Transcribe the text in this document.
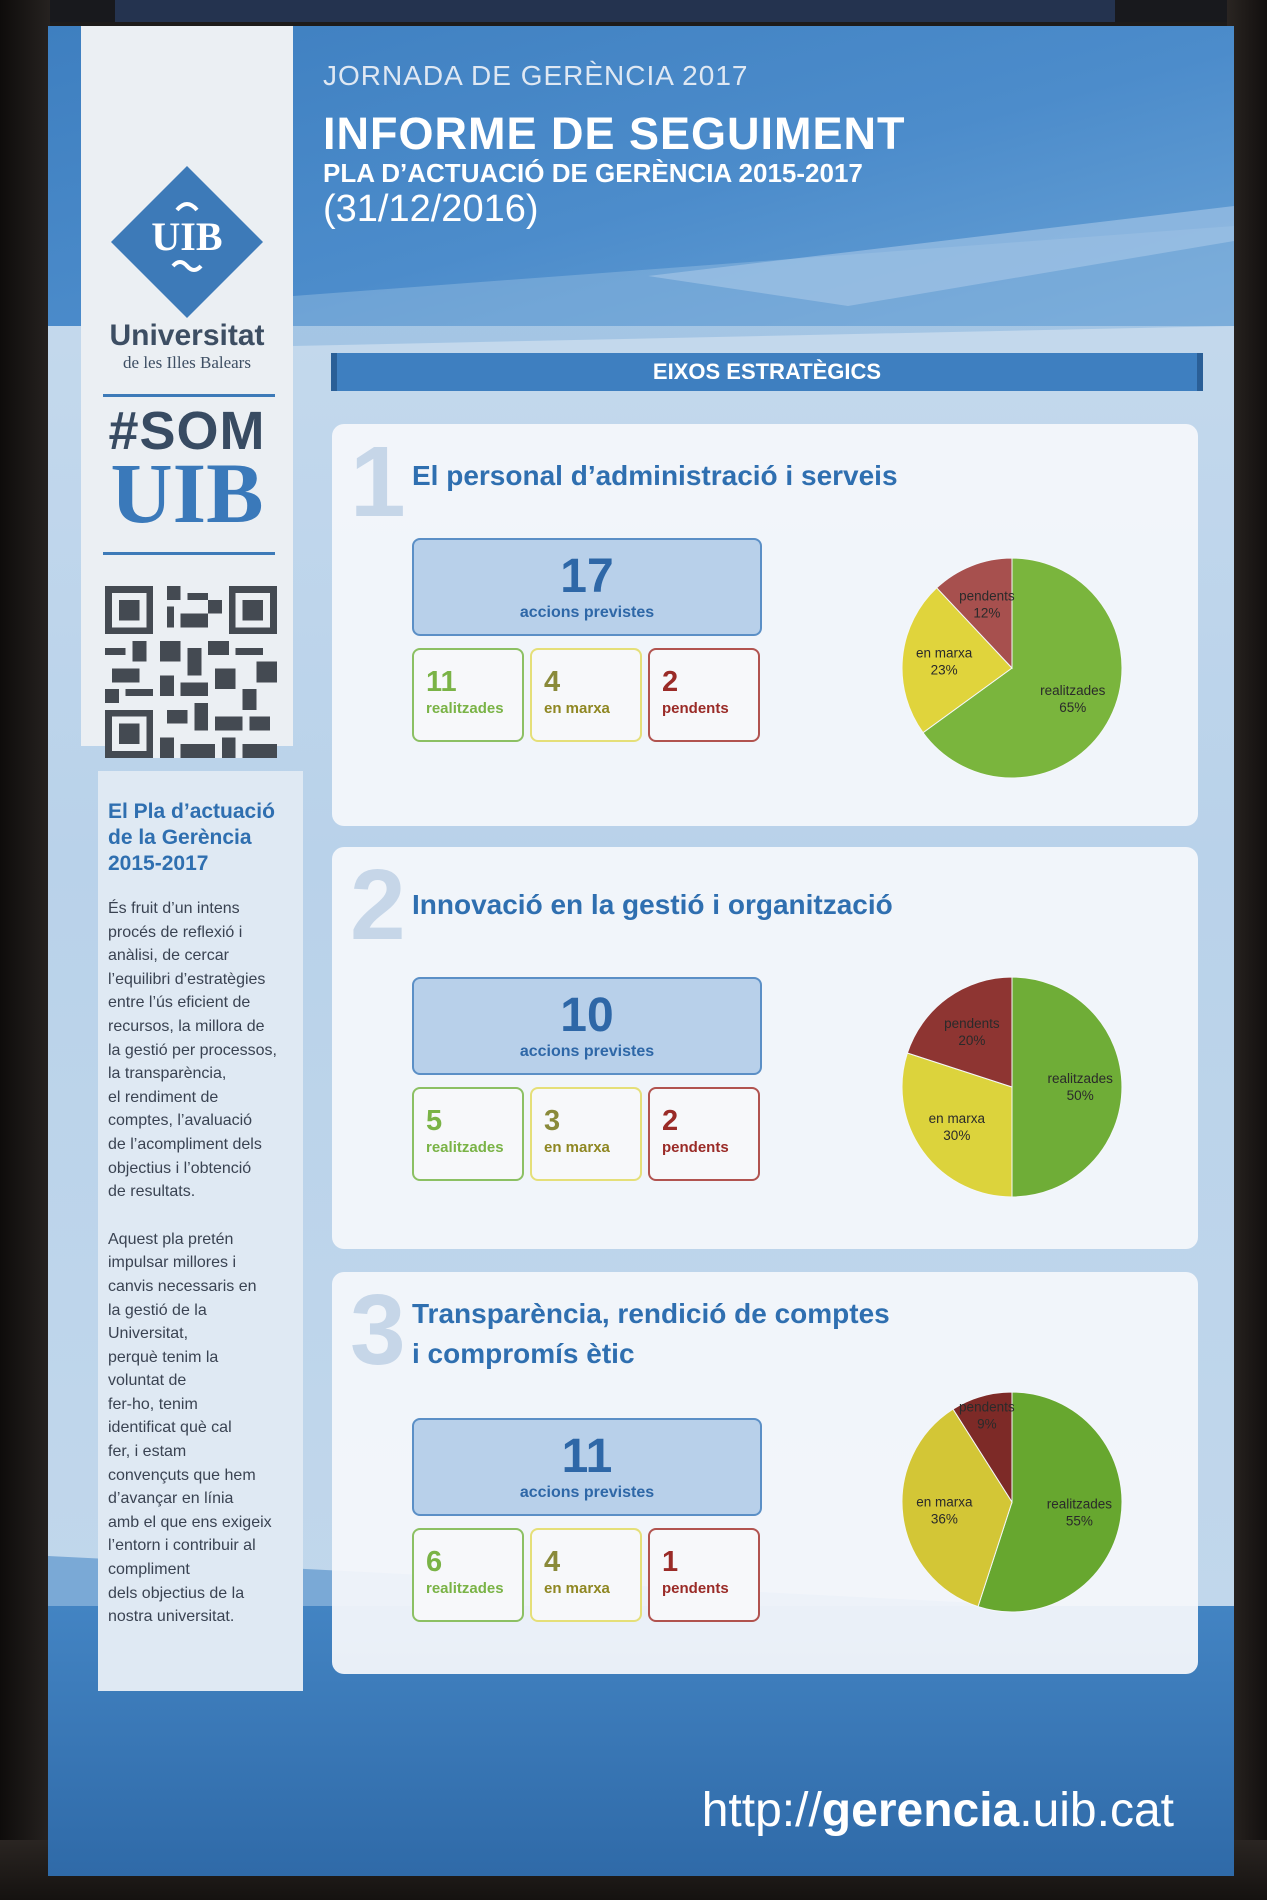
UIB
Universitat
de les Illes Balears
#SOM
UIB
El Pla d’actuació
de la Gerència
2015-2017
És fruit d’un intens
procés de reflexió i
anàlisi, de cercar
l’equilibri d’estratègies
entre l’ús eficient de
recursos, la millora de
la gestió per processos,
la transparència,
el rendiment de
comptes, l’avaluació
de l’acompliment dels
objectius i l’obtenció
de resultats.
Aquest pla pretén
impulsar millores i
canvis necessaris en
la gestió de la
Universitat,
perquè tenim la
voluntat de
fer-ho, tenim
identificat què cal
fer, i estam
convençuts que hem
d’avançar en línia
amb el que ens exigeix
l’entorn i contribuir al
compliment
dels objectius de la
nostra universitat.
JORNADA DE GERÈNCIA 2017
INFORME DE SEGUIMENT
PLA D’ACTUACIÓ DE GERÈNCIA 2015-2017
(31/12/2016)
EIXOS ESTRATÈGICS
1 El personal d’administració i serveis
17
accions previstes
11
realitzades
4
en marxa
2
pendents
realitzades
65%
en marxa
23%
pendents
12%
2 Innovació en la gestió i organització
10
accions previstes
5
realitzades
3
en marxa
2
pendents
realitzades
50%
en marxa
30%
pendents
20%
3 Transparència, rendició de comptes
i compromís ètic
11
accions previstes
6
realitzades
4
en marxa
1
pendents
realitzades
55%
en marxa
36%
pendents
9%
http://gerencia.uib.cat
